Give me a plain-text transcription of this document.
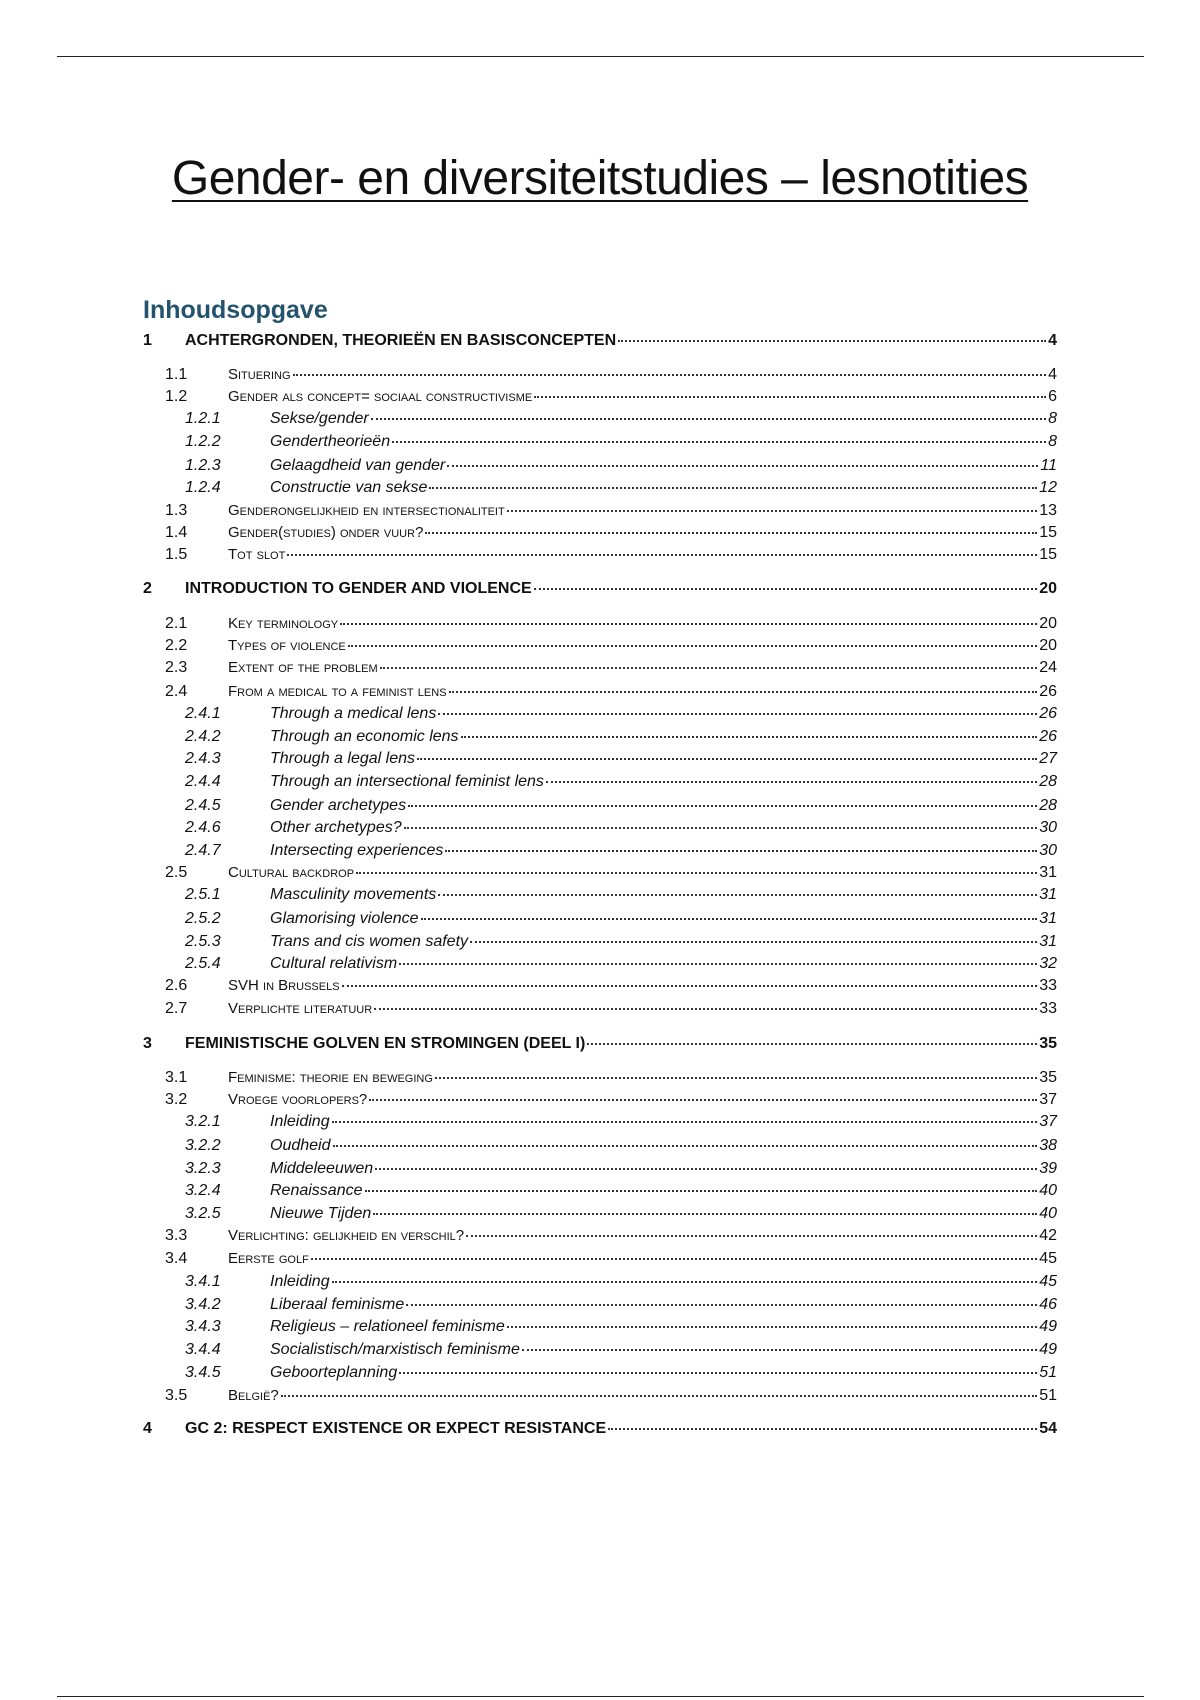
Gender- en diversiteitstudies – lesnotities
Inhoudsopgave
1	ACHTERGRONDEN, THEORIEËN EN BASISCONCEPTEN	4
1.1	Situering	4
1.2	Gender als concept= sociaal constructivisme	6
1.2.1	Sekse/gender	8
1.2.2	Gendertheorieën	8
1.2.3	Gelaagdheid van gender	11
1.2.4	Constructie van sekse	12
1.3	Genderongelijkheid en intersectionaliteit	13
1.4	Gender(studies) onder vuur?	15
1.5	Tot slot	15
2	INTRODUCTION TO GENDER AND VIOLENCE	20
2.1	Key terminology	20
2.2	Types of violence	20
2.3	Extent of the problem	24
2.4	From a medical to a feminist lens	26
2.4.1	Through a medical lens	26
2.4.2	Through an economic lens	26
2.4.3	Through a legal lens	27
2.4.4	Through an intersectional feminist lens	28
2.4.5	Gender archetypes	28
2.4.6	Other archetypes?	30
2.4.7	Intersecting experiences	30
2.5	Cultural backdrop	31
2.5.1	Masculinity movements	31
2.5.2	Glamorising violence	31
2.5.3	Trans and cis women safety	31
2.5.4	Cultural relativism	32
2.6	SVH in Brussels	33
2.7	Verplichte literatuur	33
3	FEMINISTISCHE GOLVEN EN STROMINGEN (DEEL I)	35
3.1	Feminisme: theorie en beweging	35
3.2	Vroege voorlopers?	37
3.2.1	Inleiding	37
3.2.2	Oudheid	38
3.2.3	Middeleeuwen	39
3.2.4	Renaissance	40
3.2.5	Nieuwe Tijden	40
3.3	Verlichting: gelijkheid en verschil?	42
3.4	Eerste golf	45
3.4.1	Inleiding	45
3.4.2	Liberaal feminisme	46
3.4.3	Religieus – relationeel feminisme	49
3.4.4	Socialistisch/marxistisch feminisme	49
3.4.5	Geboorteplanning	51
3.5	België?	51
4	GC 2: RESPECT EXISTENCE OR EXPECT RESISTANCE	54
